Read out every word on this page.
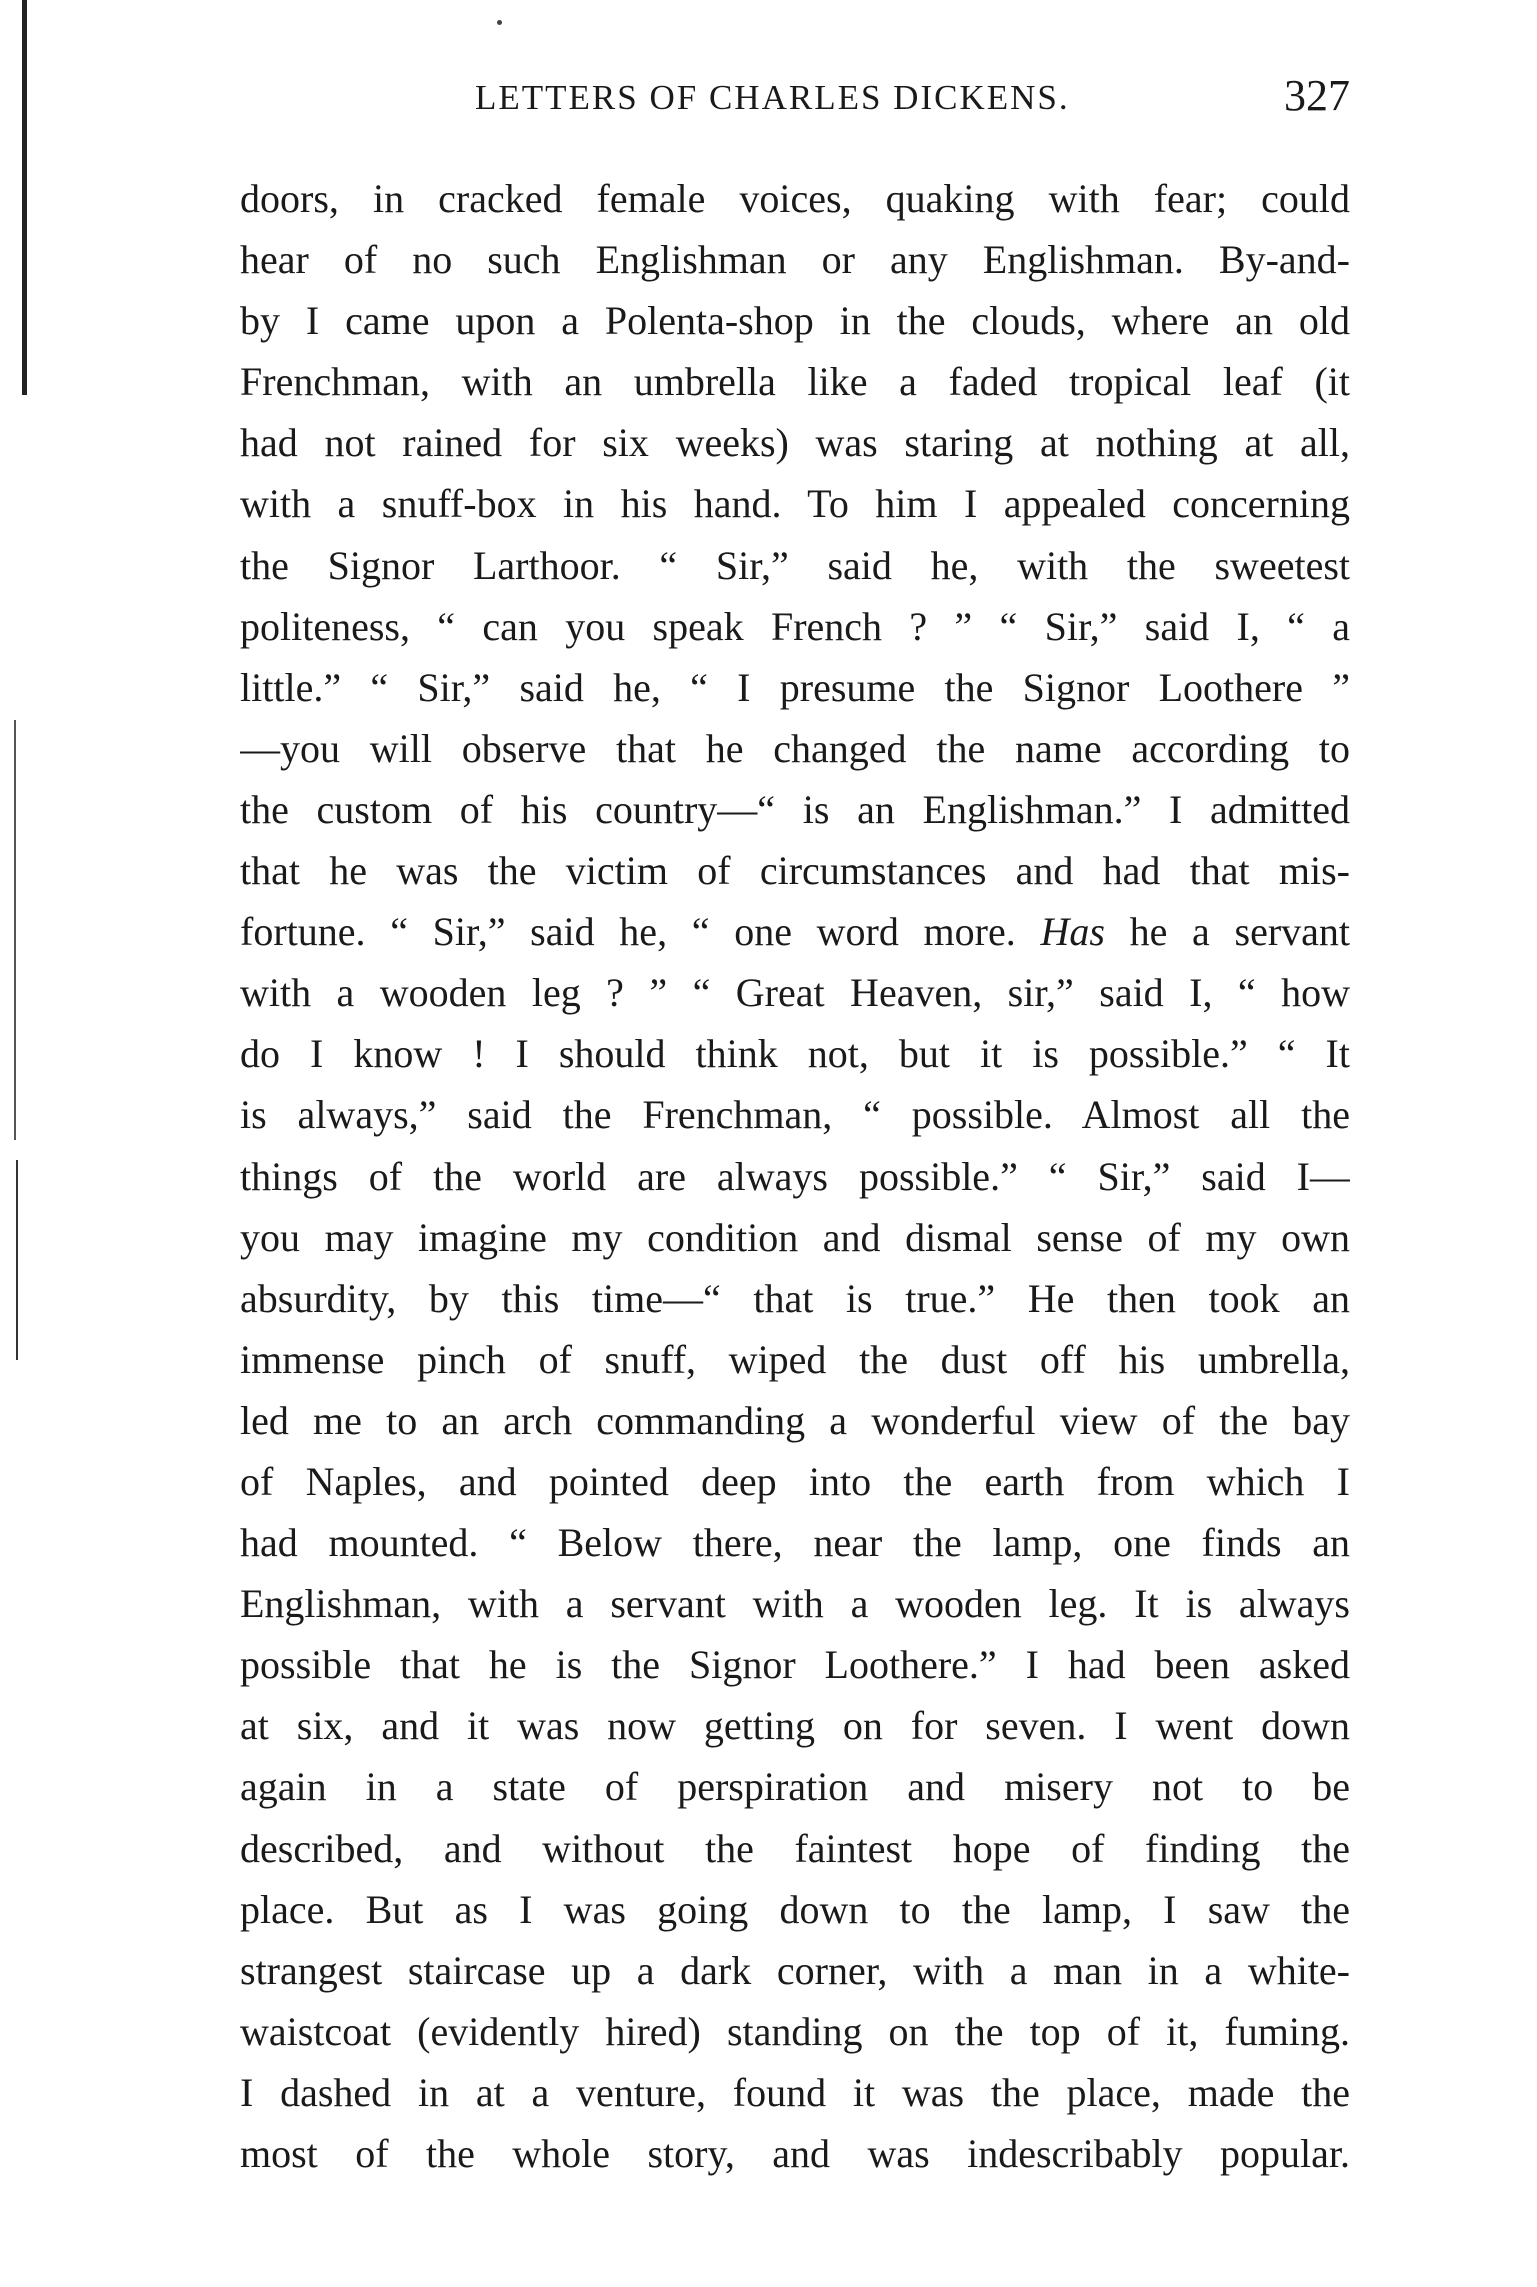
LETTERS OF CHARLES DICKENS.	327
doors, in cracked female voices, quaking with fear; could
hear of no such Englishman or any Englishman. By-and-
by I came upon a Polenta-shop in the clouds, where an old
Frenchman, with an umbrella like a faded tropical leaf (it
had not rained for six weeks) was staring at nothing at all,
with a snuff-box in his hand. To him I appealed concerning
the Signor Larthoor. “ Sir,” said he, with the sweetest
politeness, “ can you speak French ? ” “ Sir,” said I, “ a
little.” “ Sir,” said he, “ I presume the Signor Loothere ”
—you will observe that he changed the name according to
the custom of his country—“ is an Englishman.” I admitted
that he was the victim of circumstances and had that mis-
fortune. “ Sir,” said he, “ one word more. Has he a servant
with a wooden leg ? ” “ Great Heaven, sir,” said I, “ how
do I know ! I should think not, but it is possible.” “ It
is always,” said the Frenchman, “ possible. Almost all the
things of the world are always possible.” “ Sir,” said I—
you may imagine my condition and dismal sense of my own
absurdity, by this time—“ that is true.” He then took an
immense pinch of snuff, wiped the dust off his umbrella,
led me to an arch commanding a wonderful view of the bay
of Naples, and pointed deep into the earth from which I
had mounted. “ Below there, near the lamp, one finds an
Englishman, with a servant with a wooden leg. It is always
possible that he is the Signor Loothere.” I had been asked
at six, and it was now getting on for seven. I went down
again in a state of perspiration and misery not to be
described, and without the faintest hope of finding the
place. But as I was going down to the lamp, I saw the
strangest staircase up a dark corner, with a man in a white-
waistcoat (evidently hired) standing on the top of it, fuming.
I dashed in at a venture, found it was the place, made the
most of the whole story, and was indescribably popular.
